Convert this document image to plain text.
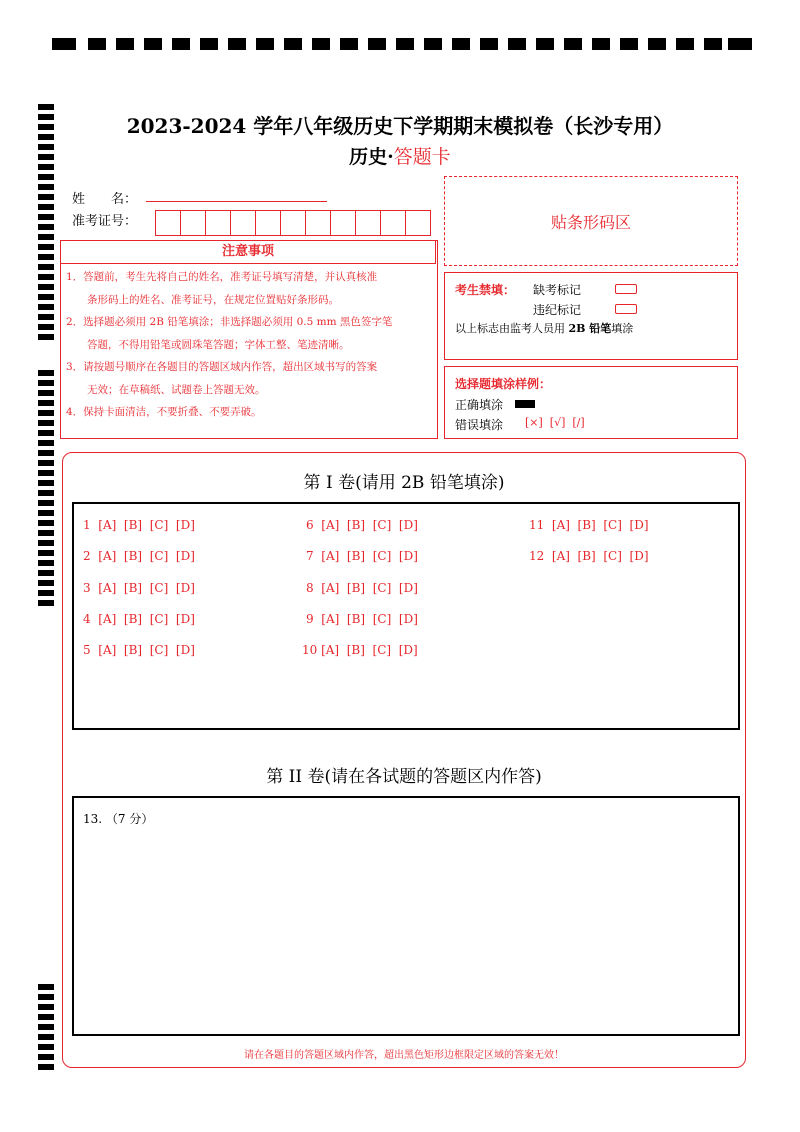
2023-2024 学年八年级历史下学期期末模拟卷（长沙专用）
历史·答题卡
姓　　名：
准考证号：	贴条形码区
注意事项

1．答题前，考生先将自己的姓名，准考证号填写清楚，并认真核准

　　条形码上的姓名、准考证号，在规定位置贴好条形码。

2．选择题必须用 2B 铅笔填涂；非选择题必须用 0.5 mm 黑色签字笔

　　答题，不得用铅笔或圆珠笔答题；字体工整、笔迹清晰。

3．请按题号顺序在各题目的答题区域内作答，超出区域书写的答案

　　无效；在草稿纸、试题卷上答题无效。

4．保持卡面清洁，不要折叠、不要弄破。

考生禁填： 缺考标记
违纪标记
以上标志由监考人员用 2B 铅笔填涂
选择题填涂样例：
正确填涂
错误填涂 [×]  [√]  [/]
第 I 卷(请用 2B 铅笔填涂)
1  [A]  [B]  [C]  [D]
2  [A]  [B]  [C]  [D]
3  [A]  [B]  [C]  [D]
4  [A]  [B]  [C]  [D]
5  [A]  [B]  [C]  [D]
6  [A]  [B]  [C]  [D]
7  [A]  [B]  [C]  [D]
8  [A]  [B]  [C]  [D]
9  [A]  [B]  [C]  [D]
10 [A]  [B]  [C]  [D]
11  [A]  [B]  [C]  [D]
12  [A]  [B]  [C]  [D]
第 II 卷(请在各试题的答题区内作答)
13. （7 分）
请在各题目的答题区域内作答，超出黑色矩形边框限定区域的答案无效！
